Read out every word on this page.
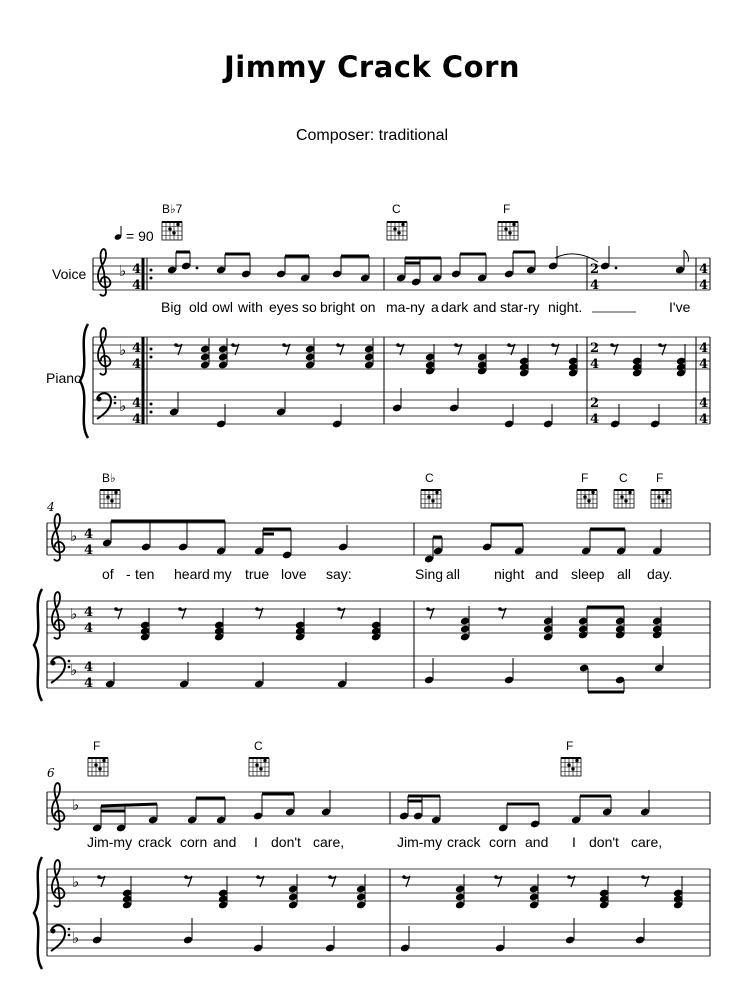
Jimmy Crack Corn
Composer: traditional
B♭7	C	F
= 90
Voice
Piano
♭
♭
♭
4
4
4
4
4
4
2
4
2
4
2
4
4
4
4
4
4
4
Big old owl with eyes so bright on ma-ny a dark and star-ry night.	I've
4
B♭	C	F	C F
♭
♭
♭
4
4
4
4
4
4
of - ten heard my true love say:	Sing all night and sleep all day.
6
F	C	F
♭
♭
♭
Jim-my crack corn and I don't care,	Jim-my crack corn and I don't care,
